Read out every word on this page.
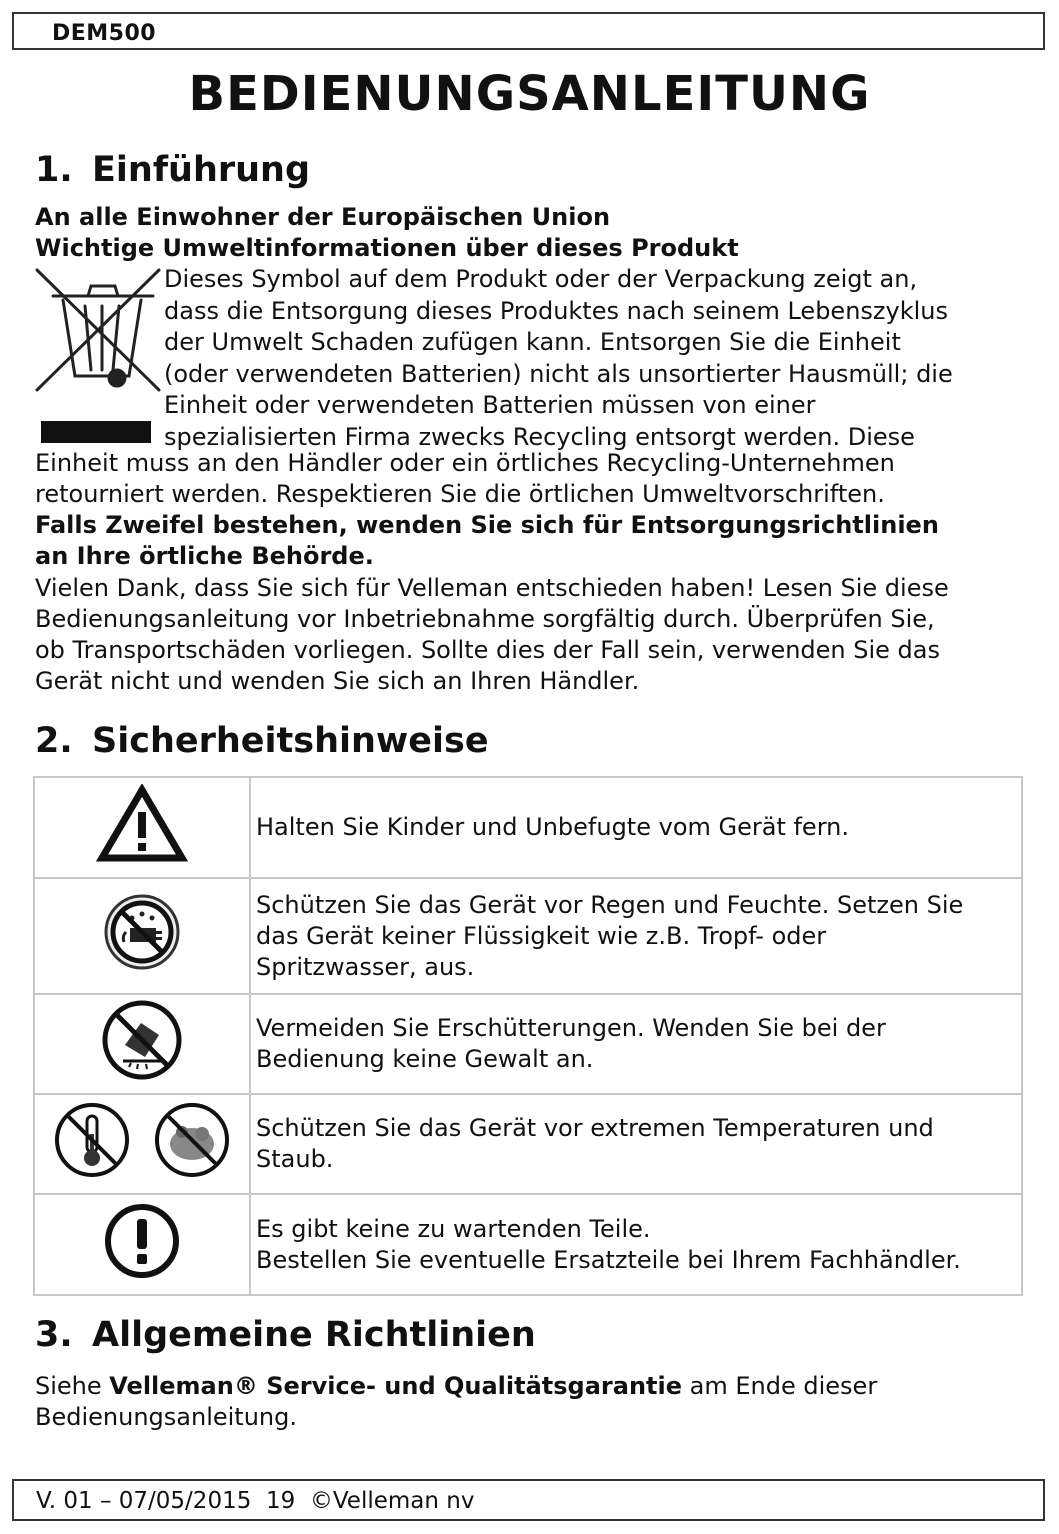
DEM500
BEDIENUNGSANLEITUNG
1. Einführung
An alle Einwohner der Europäischen Union
Wichtige Umweltinformationen über dieses Produkt
Dieses Symbol auf dem Produkt oder der Verpackung zeigt an,
dass die Entsorgung dieses Produktes nach seinem Lebenszyklus
der Umwelt Schaden zufügen kann. Entsorgen Sie die Einheit
(oder verwendeten Batterien) nicht als unsortierter Hausmüll; die
Einheit oder verwendeten Batterien müssen von einer
spezialisierten Firma zwecks Recycling entsorgt werden. Diese
Einheit muss an den Händler oder ein örtliches Recycling-Unternehmen
retourniert werden. Respektieren Sie die örtlichen Umweltvorschriften.
Falls Zweifel bestehen, wenden Sie sich für Entsorgungsrichtlinien
an Ihre örtliche Behörde.
Vielen Dank, dass Sie sich für Velleman entschieden haben! Lesen Sie diese
Bedienungsanleitung vor Inbetriebnahme sorgfältig durch. Überprüfen Sie,
ob Transportschäden vorliegen. Sollte dies der Fall sein, verwenden Sie das
Gerät nicht und wenden Sie sich an Ihren Händler.
2. Sicherheitshinweise

Halten Sie Kinder und Unbefugte vom Gerät fern.

Schützen Sie das Gerät vor Regen und Feuchte. Setzen Sie
das Gerät keiner Flüssigkeit wie z.B. Tropf- oder
Spritzwasser, aus.

Vermeiden Sie Erschütterungen. Wenden Sie bei der
Bedienung keine Gewalt an.

Schützen Sie das Gerät vor extremen Temperaturen und
Staub.

Es gibt keine zu wartenden Teile.
Bestellen Sie eventuelle Ersatzteile bei Ihrem Fachhändler.
3. Allgemeine Richtlinien
Siehe Velleman® Service- und Qualitätsgarantie am Ende dieser
Bedienungsanleitung.
V. 01 – 07/05/2015  19  ©Velleman nv
